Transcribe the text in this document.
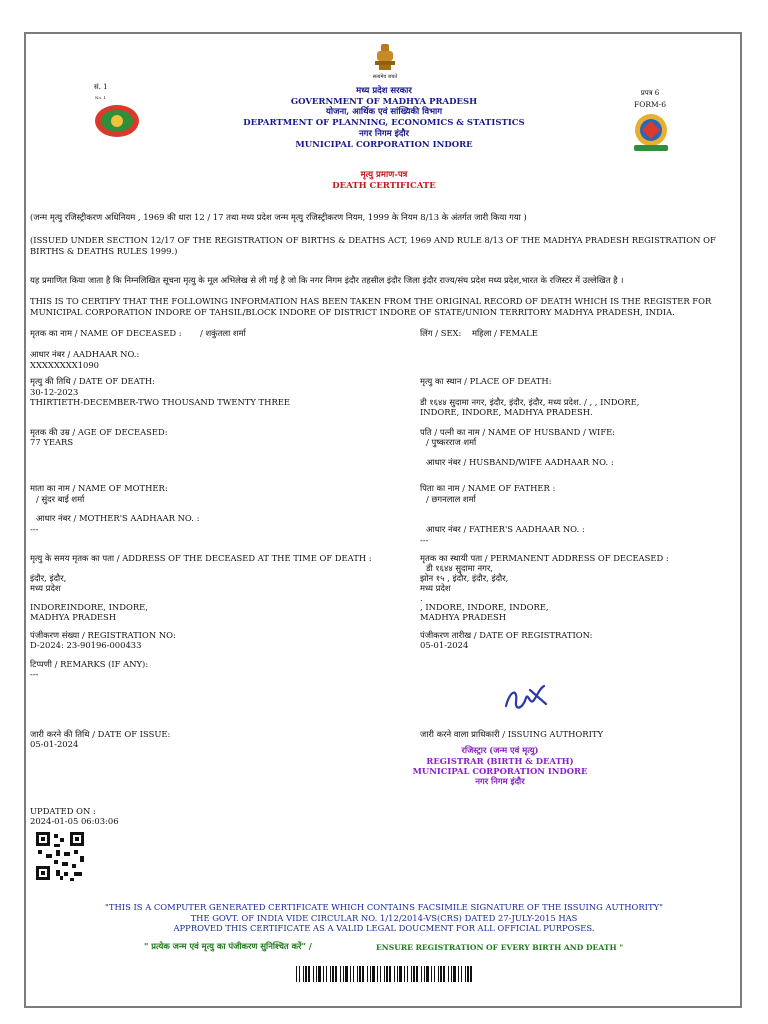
सत्यमेव जयते
सं. 1
No. 1
प्रपत्र 6
FORM-6
मध्य प्रदेश सरकार
GOVERNMENT OF MADHYA PRADESH
योजना, आर्थिक एवं सांख्यिकी विभाग
DEPARTMENT OF PLANNING, ECONOMICS & STATISTICS
नगर निगम इंदौर
MUNICIPAL CORPORATION INDORE
मृत्यु प्रमाण-पत्र
DEATH CERTIFICATE
(जन्म मृत्यु रजिस्ट्रीकरण अधिनियम , 1969 की धारा 12 / 17 तथा मध्य प्रदेश जन्म मृत्यु रजिस्ट्रीकरण नियम, 1999 के नियम 8/13 के अंतर्गत जारी किया गया )
(ISSUED UNDER SECTION 12/17 OF THE REGISTRATION OF BIRTHS & DEATHS ACT, 1969 AND RULE 8/13 OF THE MADHYA PRADESH REGISTRATION OF BIRTHS & DEATHS RULES 1999.)
यह प्रमाणित किया जाता है कि निम्नलिखित सूचना मृत्यु के मूल अभिलेख से ली गई है जो कि नगर निगम इंदौर तहसील इंदौर जिला इंदौर राज्य/संघ प्रदेश मध्य प्रदेश,भारत के रजिस्टर में उल्लेखित है ।
THIS IS TO CERTIFY THAT THE FOLLOWING INFORMATION HAS BEEN TAKEN FROM THE ORIGINAL RECORD OF DEATH WHICH IS THE REGISTER FOR MUNICIPAL CORPORATION INDORE OF TAHSIL/BLOCK INDORE OF DISTRICT INDORE OF STATE/UNION TERRITORY MADHYA PRADESH, INDIA.
मृतक का नाम / NAME OF DECEASED : / शकुंतला शर्मा	लिंग / SEX: महिला / FEMALE
आधार नंबर / AADHAAR NO.:
XXXXXXXX1090
मृत्यु की तिथि / DATE OF DEATH:
30-12-2023
THIRTIETH-DECEMBER-TWO THOUSAND TWENTY THREE
मृत्यु का स्थान / PLACE OF DEATH:
डी १६४४ सुदामा नगर, इंदौर, इंदौर, इंदौर, मध्य प्रदेश. / , , INDORE,
INDORE, INDORE, MADHYA PRADESH.
मृतक की उम्र / AGE OF DECEASED:
77 YEARS
पति / पत्नी का नाम / NAME OF HUSBAND / WIFE:
/ पुष्करराज शर्मा
आधार नंबर / HUSBAND/WIFE AADHAAR NO. :
माता का नाम / NAME OF MOTHER:
/ सुंदर बाई शर्मा
पिता का नाम / NAME OF FATHER :
/ छगनलाल शर्मा
आधार नंबर / MOTHER'S AADHAAR NO. :
---	आधार नंबर / FATHER'S AADHAAR NO. :
---
मृत्यु के समय मृतक का पता / ADDRESS OF THE DECEASED AT THE TIME OF DEATH :
इंदौर, इंदौर,
मध्य प्रदेश
INDOREINDORE, INDORE,
MADHYA PRADESH
मृतक का स्थायी पता / PERMANENT ADDRESS OF DECEASED :
डी १६४४ सुदामा नगर,
झोन १५ , इंदौर, इंदौर, इंदौर,
मध्य प्रदेश
.
, INDORE, INDORE, INDORE,
MADHYA PRADESH
पंजीकरण संख्या / REGISTRATION NO:
D-2024: 23-90196-000433
पंजीकरण तारीख / DATE OF REGISTRATION:
05-01-2024
टिप्पणी / REMARKS (IF ANY):
---
जारी करने की तिथि / DATE OF ISSUE:
05-01-2024
जारी करने वाला प्राधिकारी / ISSUING AUTHORITY
रजिस्ट्रार (जन्म एवं मृत्यु)
REGISTRAR (BIRTH & DEATH)
MUNICIPAL CORPORATION INDORE
नगर निगम इंदौर
UPDATED ON :
2024-01-05 06:03:06
"THIS IS A COMPUTER GENERATED CERTIFICATE WHICH CONTAINS FACSIMILE SIGNATURE OF THE ISSUING AUTHORITY"
THE GOVT. OF INDIA VIDE CIRCULAR NO. 1/12/2014-VS(CRS) DATED 27-JULY-2015 HAS
APPROVED THIS CERTIFICATE AS A VALID LEGAL DOUCMENT FOR ALL OFFICIAL PURPOSES.
" प्रत्येक जन्म एवं मृत्यु का पंजीकरण सुनिश्चित करें" /	ENSURE REGISTRATION OF EVERY BIRTH AND DEATH "
